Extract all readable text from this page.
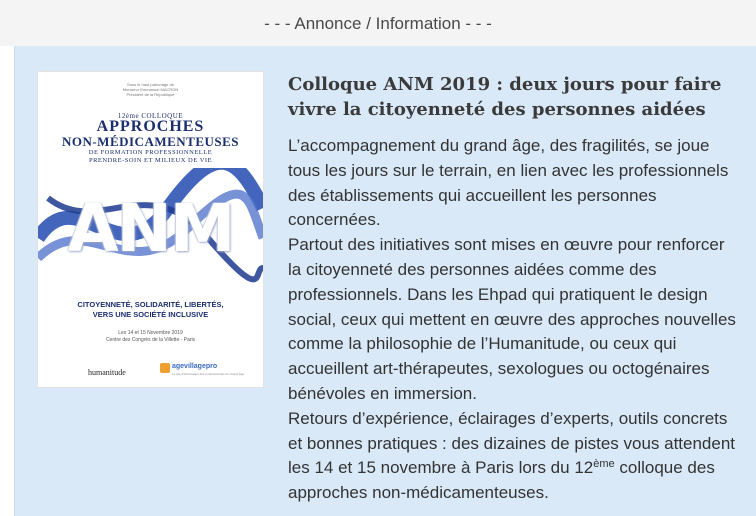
- - - Annonce / Information - - -
Sous le haut patronage de
Monsieur Emmanuel MACRON
Président de la République
12ème COLLOQUE
APPROCHES
NON-MÉDICAMENTEUSES
DE FORMATION PROFESSIONNELLE
PRENDRE-SOIN ET MILIEUX DE VIE
ANM
CITOYENNETÉ, SOLIDARITÉ, LIBERTÉS,
VERS UNE SOCIÉTÉ INCLUSIVE
Les 14 et 15 Novembre 2019
Centre des Congrès de la Villette - Paris
humanitude
agevillagepro
Le site d'information des professionnels du Grand Âge
Colloque ANM 2019 : deux jours pour faire vivre la citoyenneté des personnes aidées

L’accompagnement du grand âge, des fragilités, se joue tous les jours sur le terrain, en lien avec les professionnels des établissements qui accueillent les personnes concernées.

Partout des initiatives sont mises en œuvre pour renforcer la citoyenneté des personnes aidées comme des professionnels. Dans les Ehpad qui pratiquent le design social, ceux qui mettent en œuvre des approches nouvelles comme la philosophie de l’Humanitude, ou ceux qui accueillent art-thérapeutes, sexologues ou octogénaires bénévoles en immersion.

Retours d’expérience, éclairages d’experts, outils concrets et bonnes pratiques : des dizaines de pistes vous attendent les 14 et 15 novembre à Paris lors du 12ème colloque des approches non-médicamenteuses.
